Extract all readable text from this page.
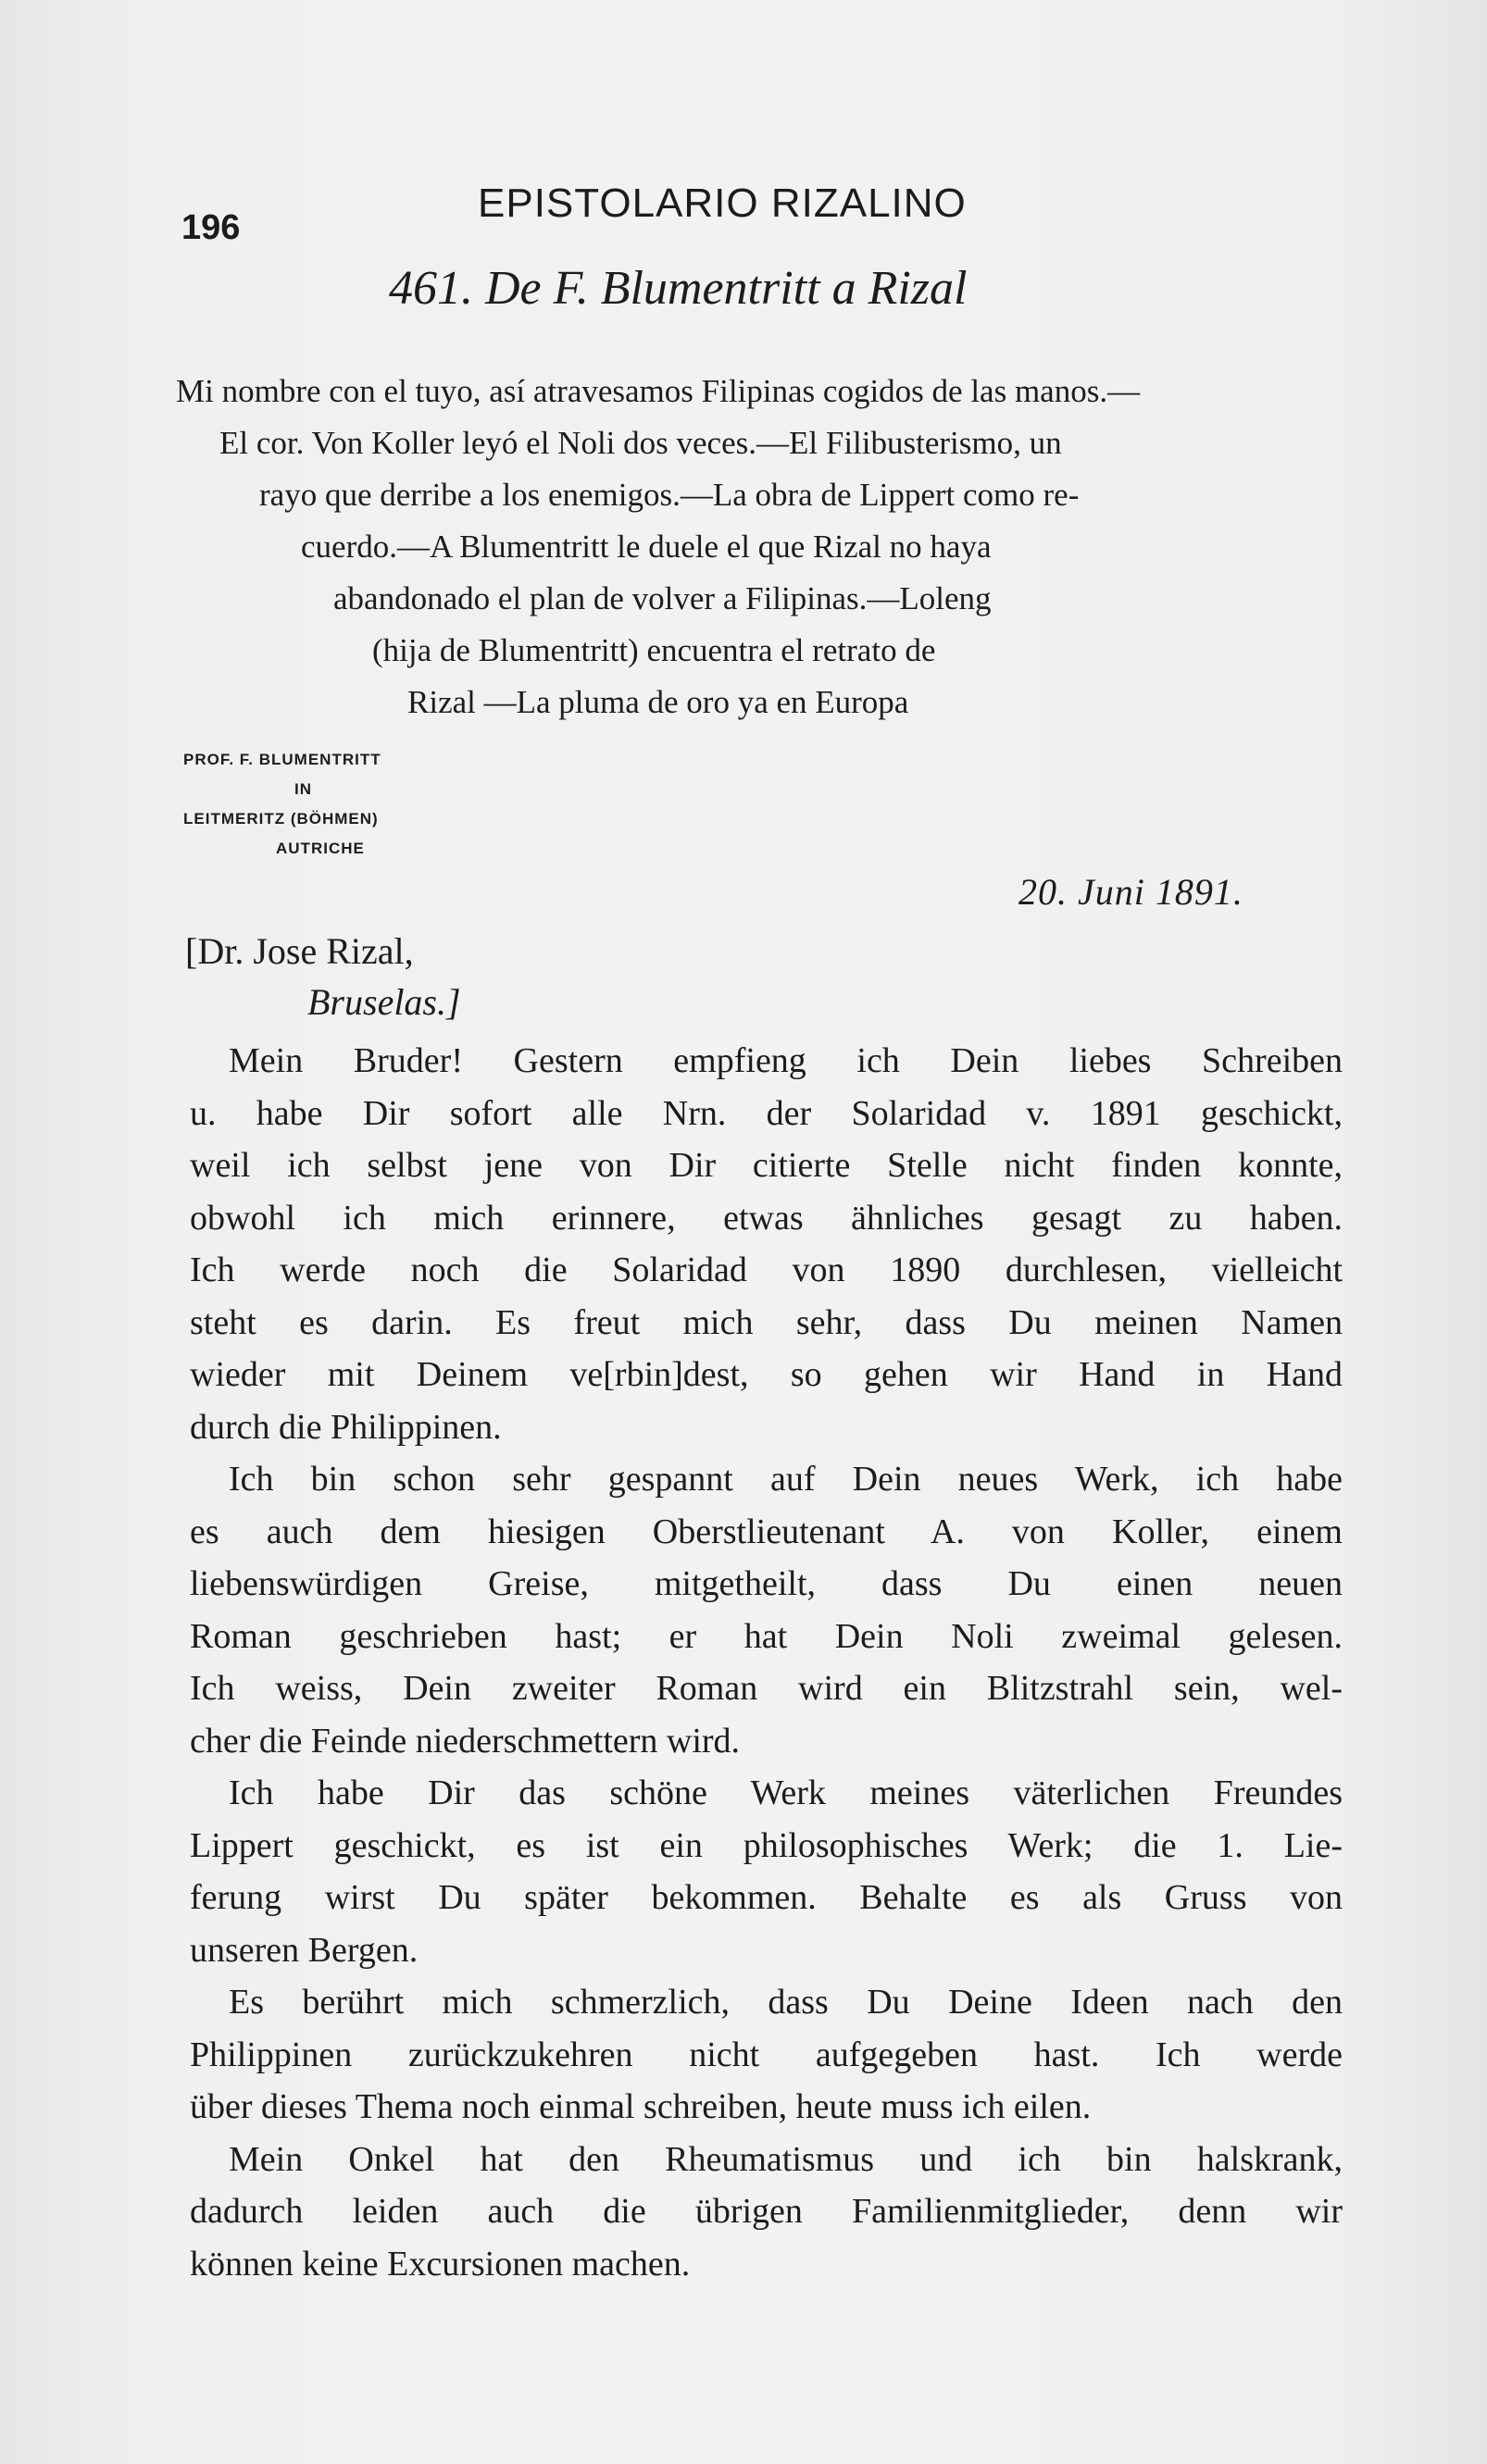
196
EPISTOLARIO RIZALINO
461. De F. Blumentritt a Rizal
Mi nombre con el tuyo, así atravesamos Filipinas cogidos de las manos.—
El cor. Von Koller leyó el Noli dos veces.—El Filibusterismo, un
rayo que derribe a los enemigos.—La obra de Lippert como re-
cuerdo.—A Blumentritt le duele el que Rizal no haya
abandonado el plan de volver a Filipinas.—Loleng
(hija de Blumentritt) encuentra el retrato de
Rizal —La pluma de oro ya en Europa
PROF. F. BLUMENTRITT
IN
LEITMERITZ (BÖHMEN)
AUTRICHE
20. Juni 1891.
[Dr. Jose Rizal,
Bruselas.]
Mein Bruder! Gestern empfieng ich Dein liebes Schreiben
u. habe Dir sofort alle Nrn. der Solaridad v. 1891 geschickt,
weil ich selbst jene von Dir citierte Stelle nicht finden konnte,
obwohl ich mich erinnere, etwas ähnliches gesagt zu haben.
Ich werde noch die Solaridad von 1890 durchlesen, vielleicht
steht es darin. Es freut mich sehr, dass Du meinen Namen
wieder mit Deinem ve[rbin]dest, so gehen wir Hand in Hand
durch die Philippinen.
Ich bin schon sehr gespannt auf Dein neues Werk, ich habe
es auch dem hiesigen Oberstlieutenant A. von Koller, einem
liebenswürdigen Greise, mitgetheilt, dass Du einen neuen
Roman geschrieben hast; er hat Dein Noli zweimal gelesen.
Ich weiss, Dein zweiter Roman wird ein Blitzstrahl sein, wel-
cher die Feinde niederschmettern wird.
Ich habe Dir das schöne Werk meines väterlichen Freundes
Lippert geschickt, es ist ein philosophisches Werk; die 1. Lie-
ferung wirst Du später bekommen. Behalte es als Gruss von
unseren Bergen.
Es berührt mich schmerzlich, dass Du Deine Ideen nach den
Philippinen zurückzukehren nicht aufgegeben hast. Ich werde
über dieses Thema noch einmal schreiben, heute muss ich eilen.
Mein Onkel hat den Rheumatismus und ich bin halskrank,
dadurch leiden auch die übrigen Familienmitglieder, denn wir
können keine Excursionen machen.
